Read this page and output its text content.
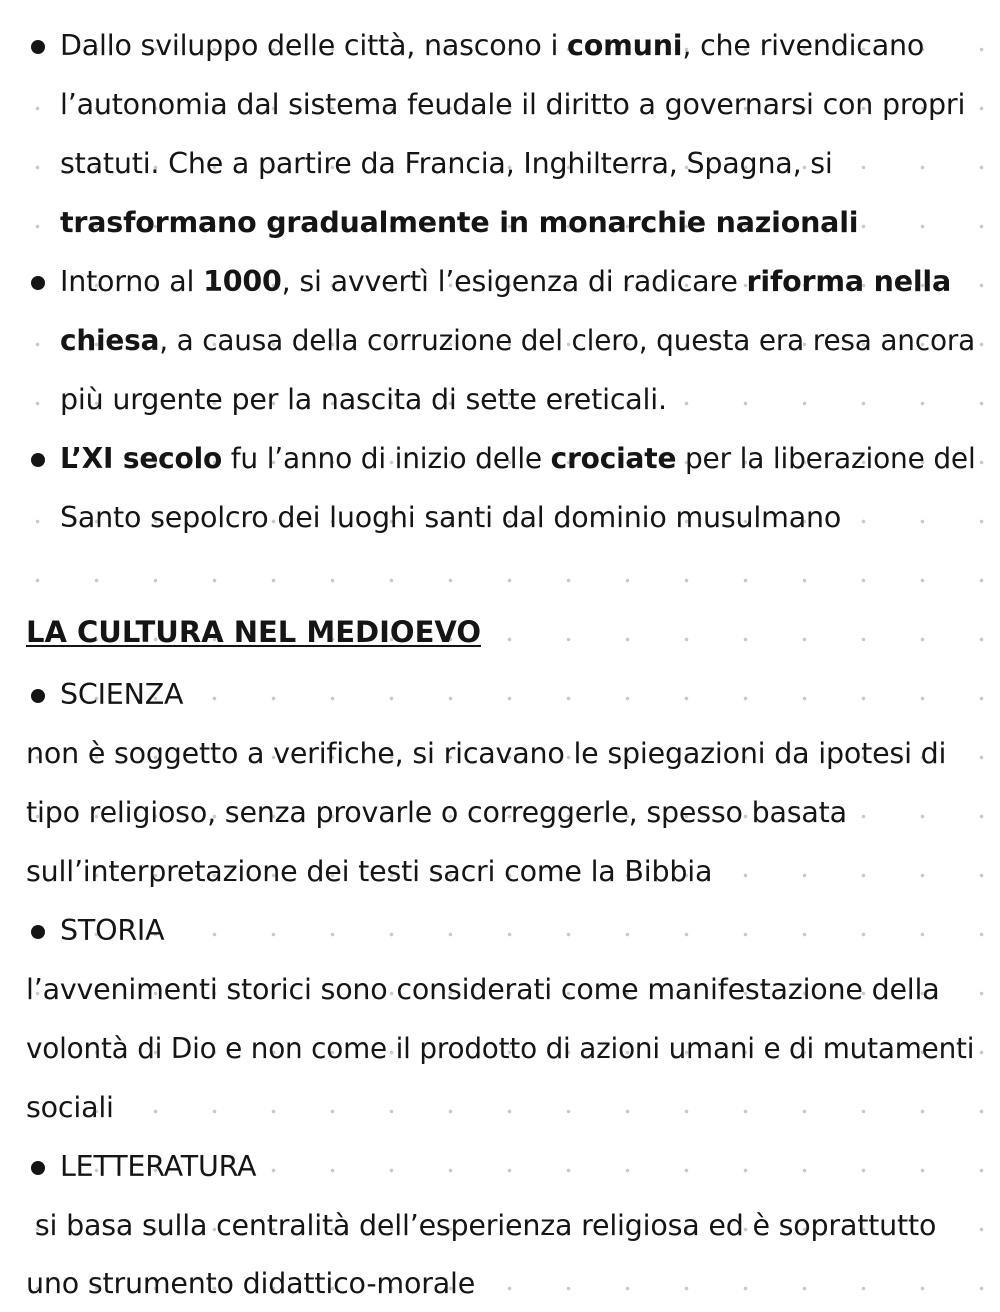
Dallo sviluppo delle città, nascono i comuni, che rivendicano
l’autonomia dal sistema feudale il diritto a governarsi con propri
statuti. Che a partire da Francia, Inghilterra, Spagna, si
trasformano gradualmente in monarchie nazionali
Intorno al 1000, si avvertì l’esigenza di radicare riforma nella
chiesa, a causa della corruzione del clero, questa era resa ancora
più urgente per la nascita di sette ereticali.
L’XI secolo fu l’anno di inizio delle crociate per la liberazione del
Santo sepolcro dei luoghi santi dal dominio musulmano
LA CULTURA NEL MEDIOEVO
SCIENZA
non è soggetto a verifiche, si ricavano le spiegazioni da ipotesi di
tipo religioso, senza provarle o correggerle, spesso basata
sull’interpretazione dei testi sacri come la Bibbia
STORIA
l’avvenimenti storici sono considerati come manifestazione della
volontà di Dio e non come il prodotto di azioni umani e di mutamenti
sociali
LETTERATURA
si basa sulla centralità dell’esperienza religiosa ed è soprattutto
uno strumento didattico-morale
